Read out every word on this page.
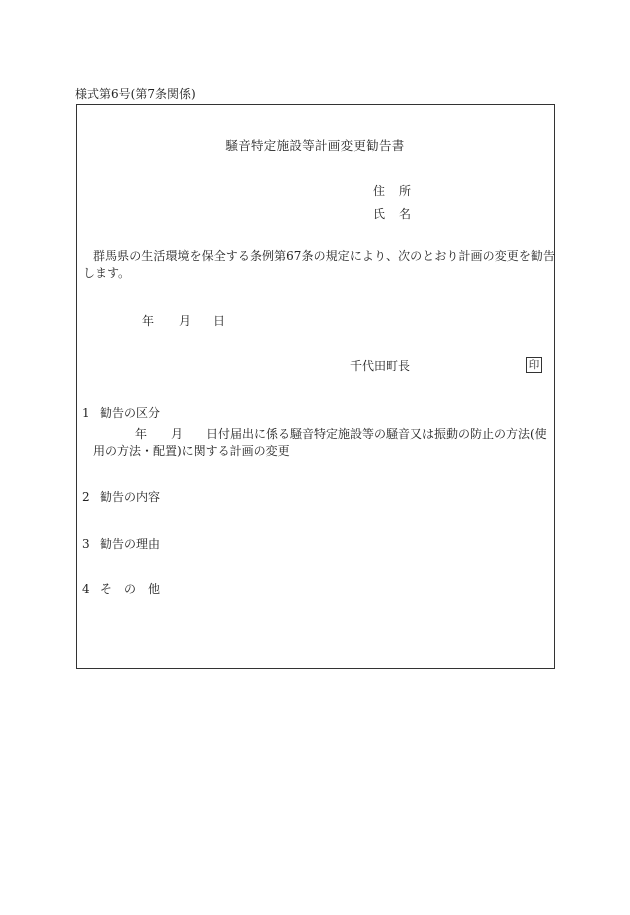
様式第6号(第7条関係)
騒音特定施設等計画変更勧告書
住 所
氏 名
群馬県の生活環境を保全する条例第67条の規定により、次のとおり計画の変更を勧告します。
年 月 日
千代田町長	印
1 勧告の区分
年 月 日付届出に係る騒音特定施設等の騒音又は振動の防止の方法(使
用の方法・配置)に関する計画の変更
2 勧告の内容
3 勧告の理由
4 そ　の　他
